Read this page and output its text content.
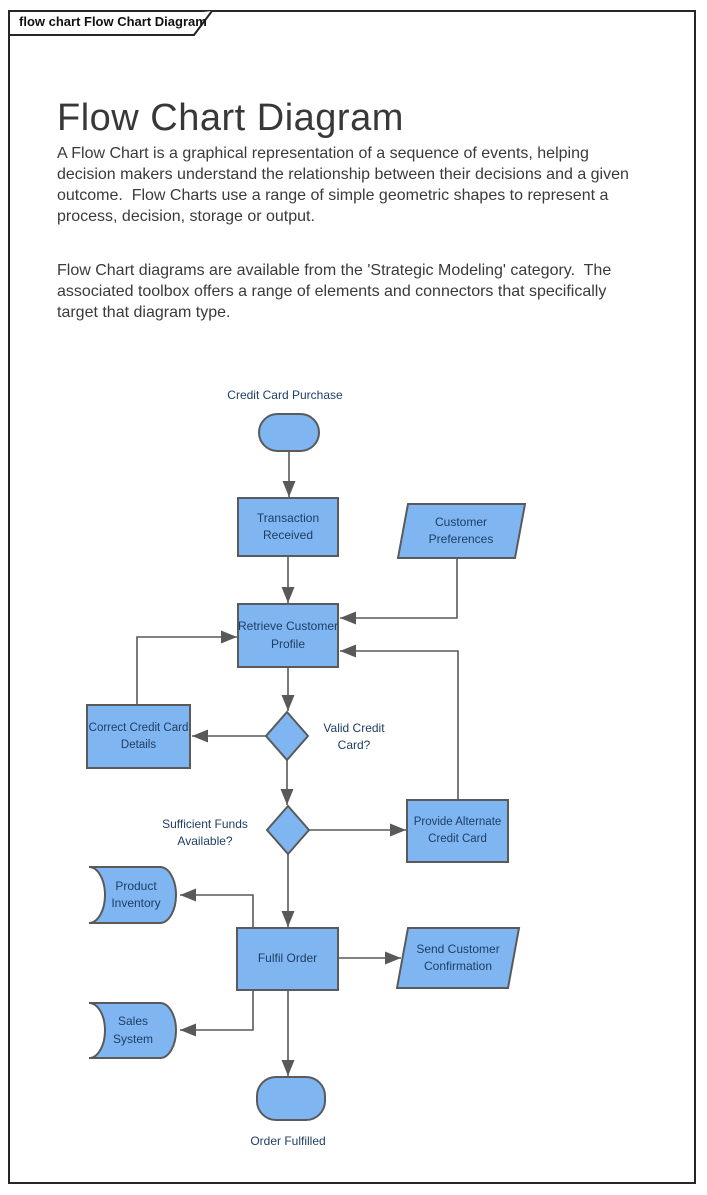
flow chart Flow Chart Diagram
Flow Chart Diagram
A Flow Chart is a graphical representation of a sequence of events, helping decision makers understand the relationship between their decisions and a given outcome.  Flow Charts use a range of simple geometric shapes to represent a process, decision, storage or output.
Flow Chart diagrams are available from the 'Strategic Modeling' category.  The associated toolbox offers a range of elements and connectors that specifically target that diagram type.
Credit Card Purchase
Transaction Received
Customer Preferences
Retrieve Customer Profile
Valid Credit Card?
Correct Credit Card Details
Sufficient Funds Available?
Provide Alternate Credit Card
Product Inventory
Fulfil Order
Send Customer Confirmation
Sales System
Order Fulfilled
